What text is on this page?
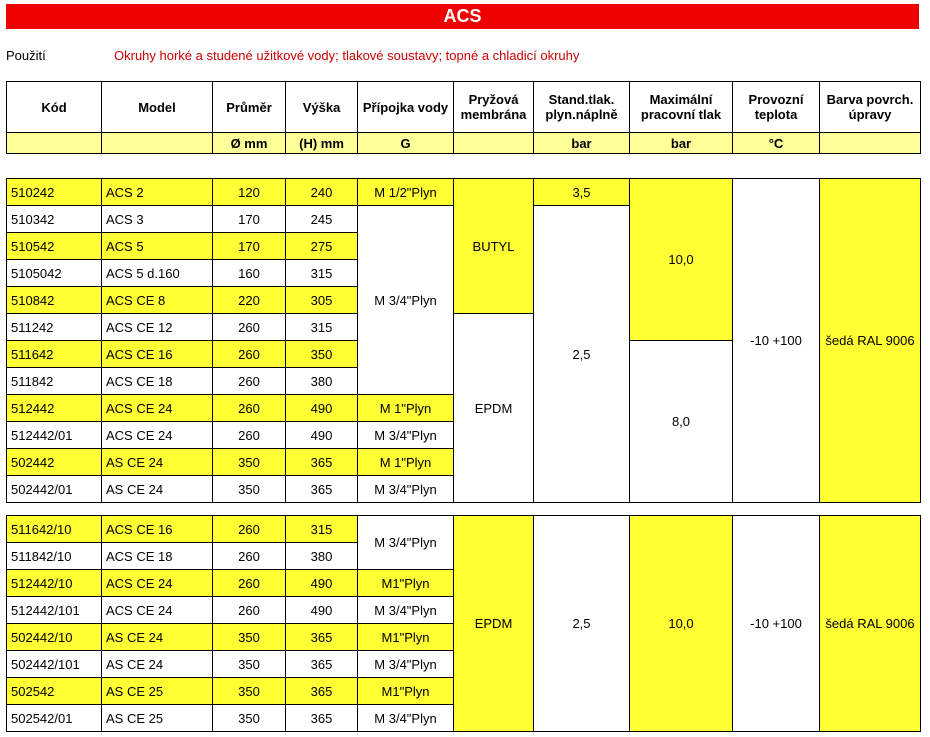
ACS
Použití	Okruhy horké a studené užitkové vody; tlakové soustavy; topné a chladicí okruhy
Kód	Model	Průměr	Výška	Přípojka vody	Pryžová membrána	Stand.tlak. plyn.náplně	Maximální pracovní tlak	Provozní teplota	Barva povrch. úpravy
		Ø mm	(H) mm	G		bar	bar	°C	
510242	ACS 2	120	240	M 1/2"Plyn	BUTYL	3,5	10,0	-10 +100	šedá RAL 9006
510342	ACS 3	170	245	M 3/4"Plyn		2,5			
510542	ACS 5	170	275						
5105042	ACS 5 d.160	160	315						
510842	ACS CE 8	220	305						
511242	ACS CE 12	260	315		EPDM				
511642	ACS CE 16	260	350				8,0		
511842	ACS CE 18	260	380						
512442	ACS CE 24	260	490	M 1"Plyn					
512442/01	ACS CE 24	260	490	M 3/4"Plyn					
502442	AS CE 24	350	365	M 1"Plyn					
502442/01	AS CE 24	350	365	M 3/4"Plyn					
511642/10	ACS CE 16	260	315	M 3/4"Plyn	EPDM	2,5	10,0	-10 +100	šedá RAL 9006
511842/10	ACS CE 18	260	380						
512442/10	ACS CE 24	260	490	M1"Plyn					
512442/101	ACS CE 24	260	490	M 3/4"Plyn					
502442/10	AS CE 24	350	365	M1"Plyn					
502442/101	AS CE 24	350	365	M 3/4"Plyn					
502542	AS CE 25	350	365	M1"Plyn					
502542/01	AS CE 25	350	365	M 3/4"Plyn					
